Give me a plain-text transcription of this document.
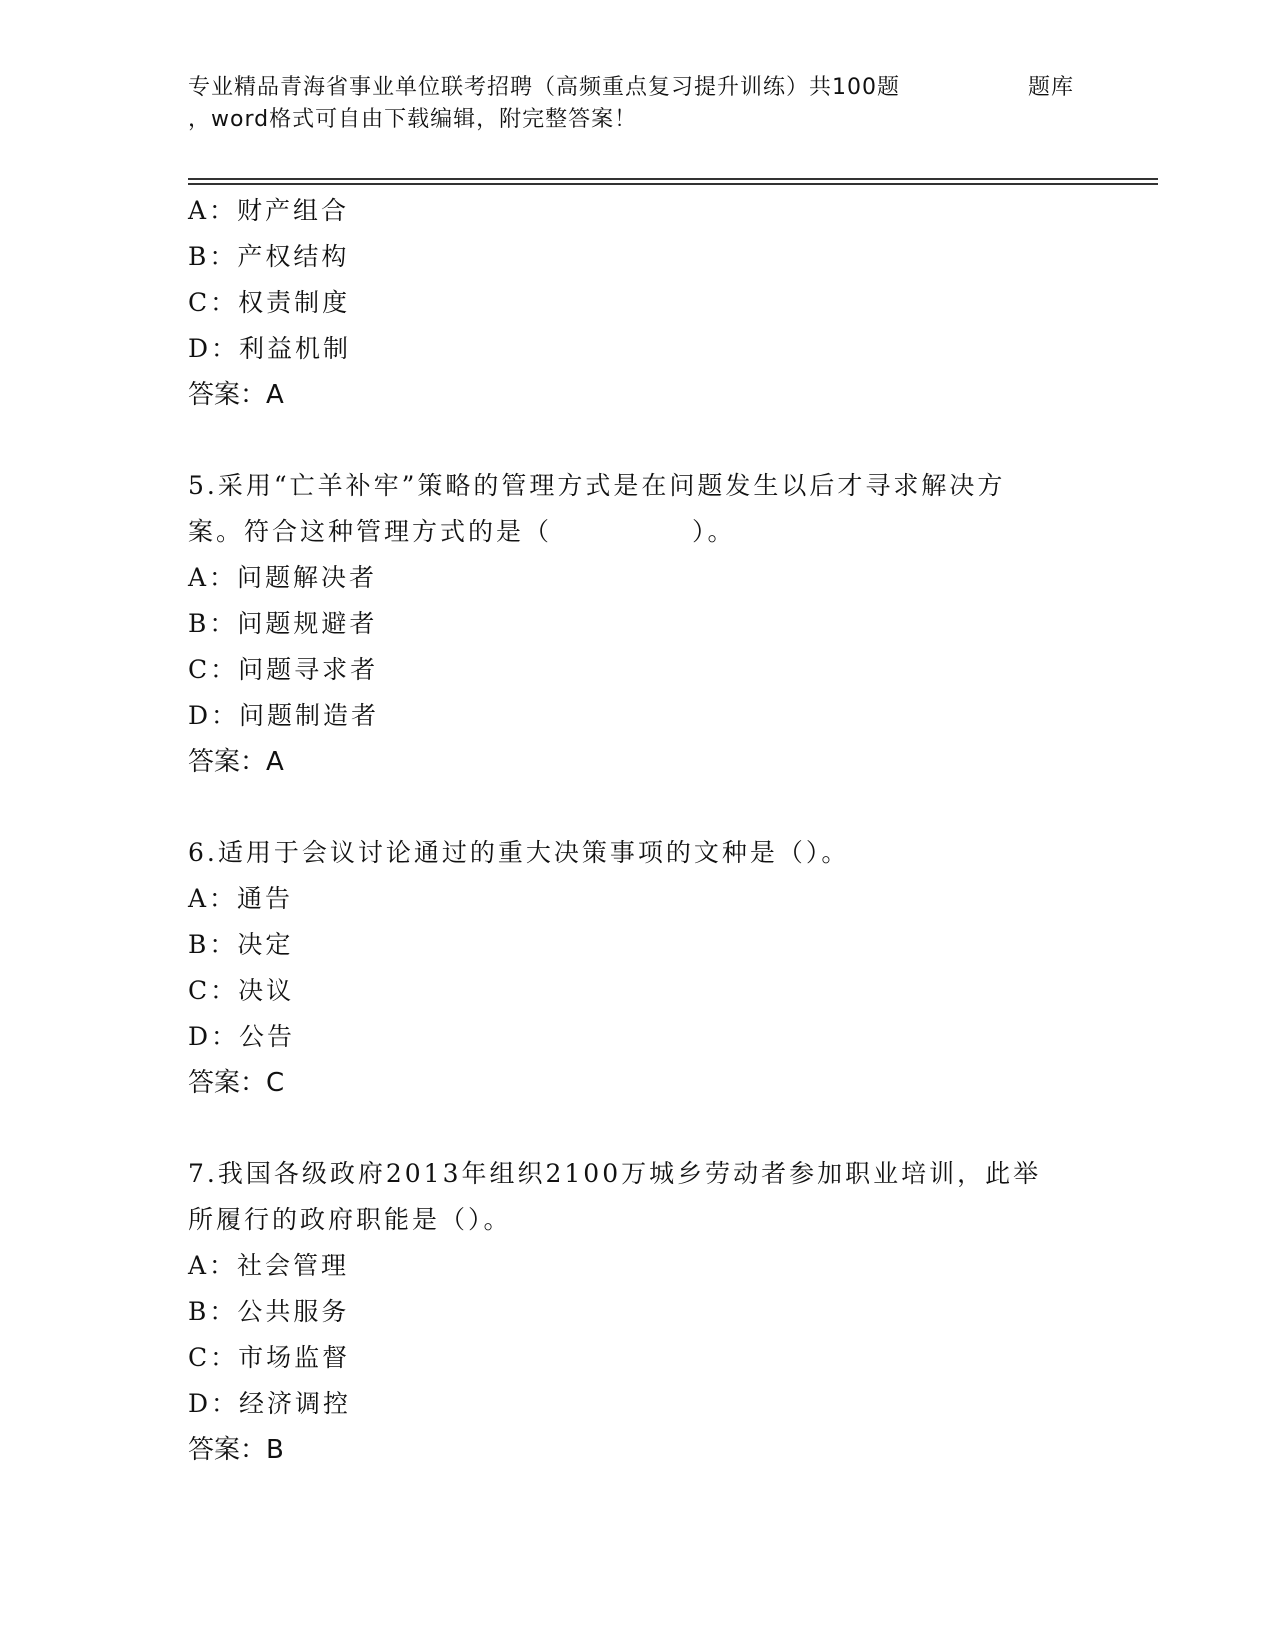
专业精品青海省事业单位联考招聘（高频重点复习提升训练）共100题	题库
，word格式可自由下载编辑，附完整答案！
A：财产组合
B：产权结构
C：权责制度
D：利益机制
答案：A
5.采用“亡羊补牢”策略的管理方式是在问题发生以后才寻求解决方
案。符合这种管理方式的是（　　　　　）。
A：问题解决者
B：问题规避者
C：问题寻求者
D：问题制造者
答案：A
6.适用于会议讨论通过的重大决策事项的文种是（）。
A：通告
B：决定
C：决议
D：公告
答案：C
7.我国各级政府2013年组织2100万城乡劳动者参加职业培训，此举
所履行的政府职能是（）。
A：社会管理
B：公共服务
C：市场监督
D：经济调控
答案：B
